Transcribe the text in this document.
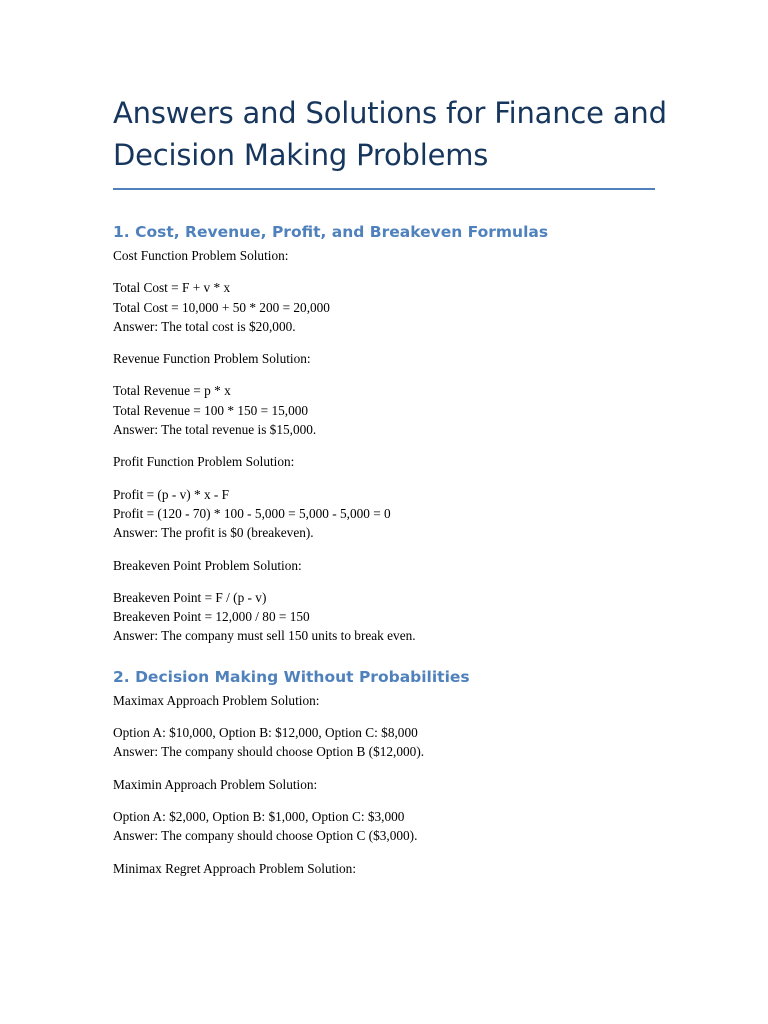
Answers and Solutions for Finance and
Decision Making Problems
1. Cost, Revenue, Profit, and Breakeven Formulas

Cost Function Problem Solution:

Total Cost = F + v * x
Total Cost = 10,000 + 50 * 200 = 20,000
Answer: The total cost is $20,000.

Revenue Function Problem Solution:

Total Revenue = p * x
Total Revenue = 100 * 150 = 15,000
Answer: The total revenue is $15,000.

Profit Function Problem Solution:

Profit = (p - v) * x - F
Profit = (120 - 70) * 100 - 5,000 = 5,000 - 5,000 = 0
Answer: The profit is $0 (breakeven).

Breakeven Point Problem Solution:

Breakeven Point = F / (p - v)
Breakeven Point = 12,000 / 80 = 150
Answer: The company must sell 150 units to break even.

2. Decision Making Without Probabilities

Maximax Approach Problem Solution:

Option A: $10,000, Option B: $12,000, Option C: $8,000
Answer: The company should choose Option B ($12,000).

Maximin Approach Problem Solution:

Option A: $2,000, Option B: $1,000, Option C: $3,000
Answer: The company should choose Option C ($3,000).

Minimax Regret Approach Problem Solution:
